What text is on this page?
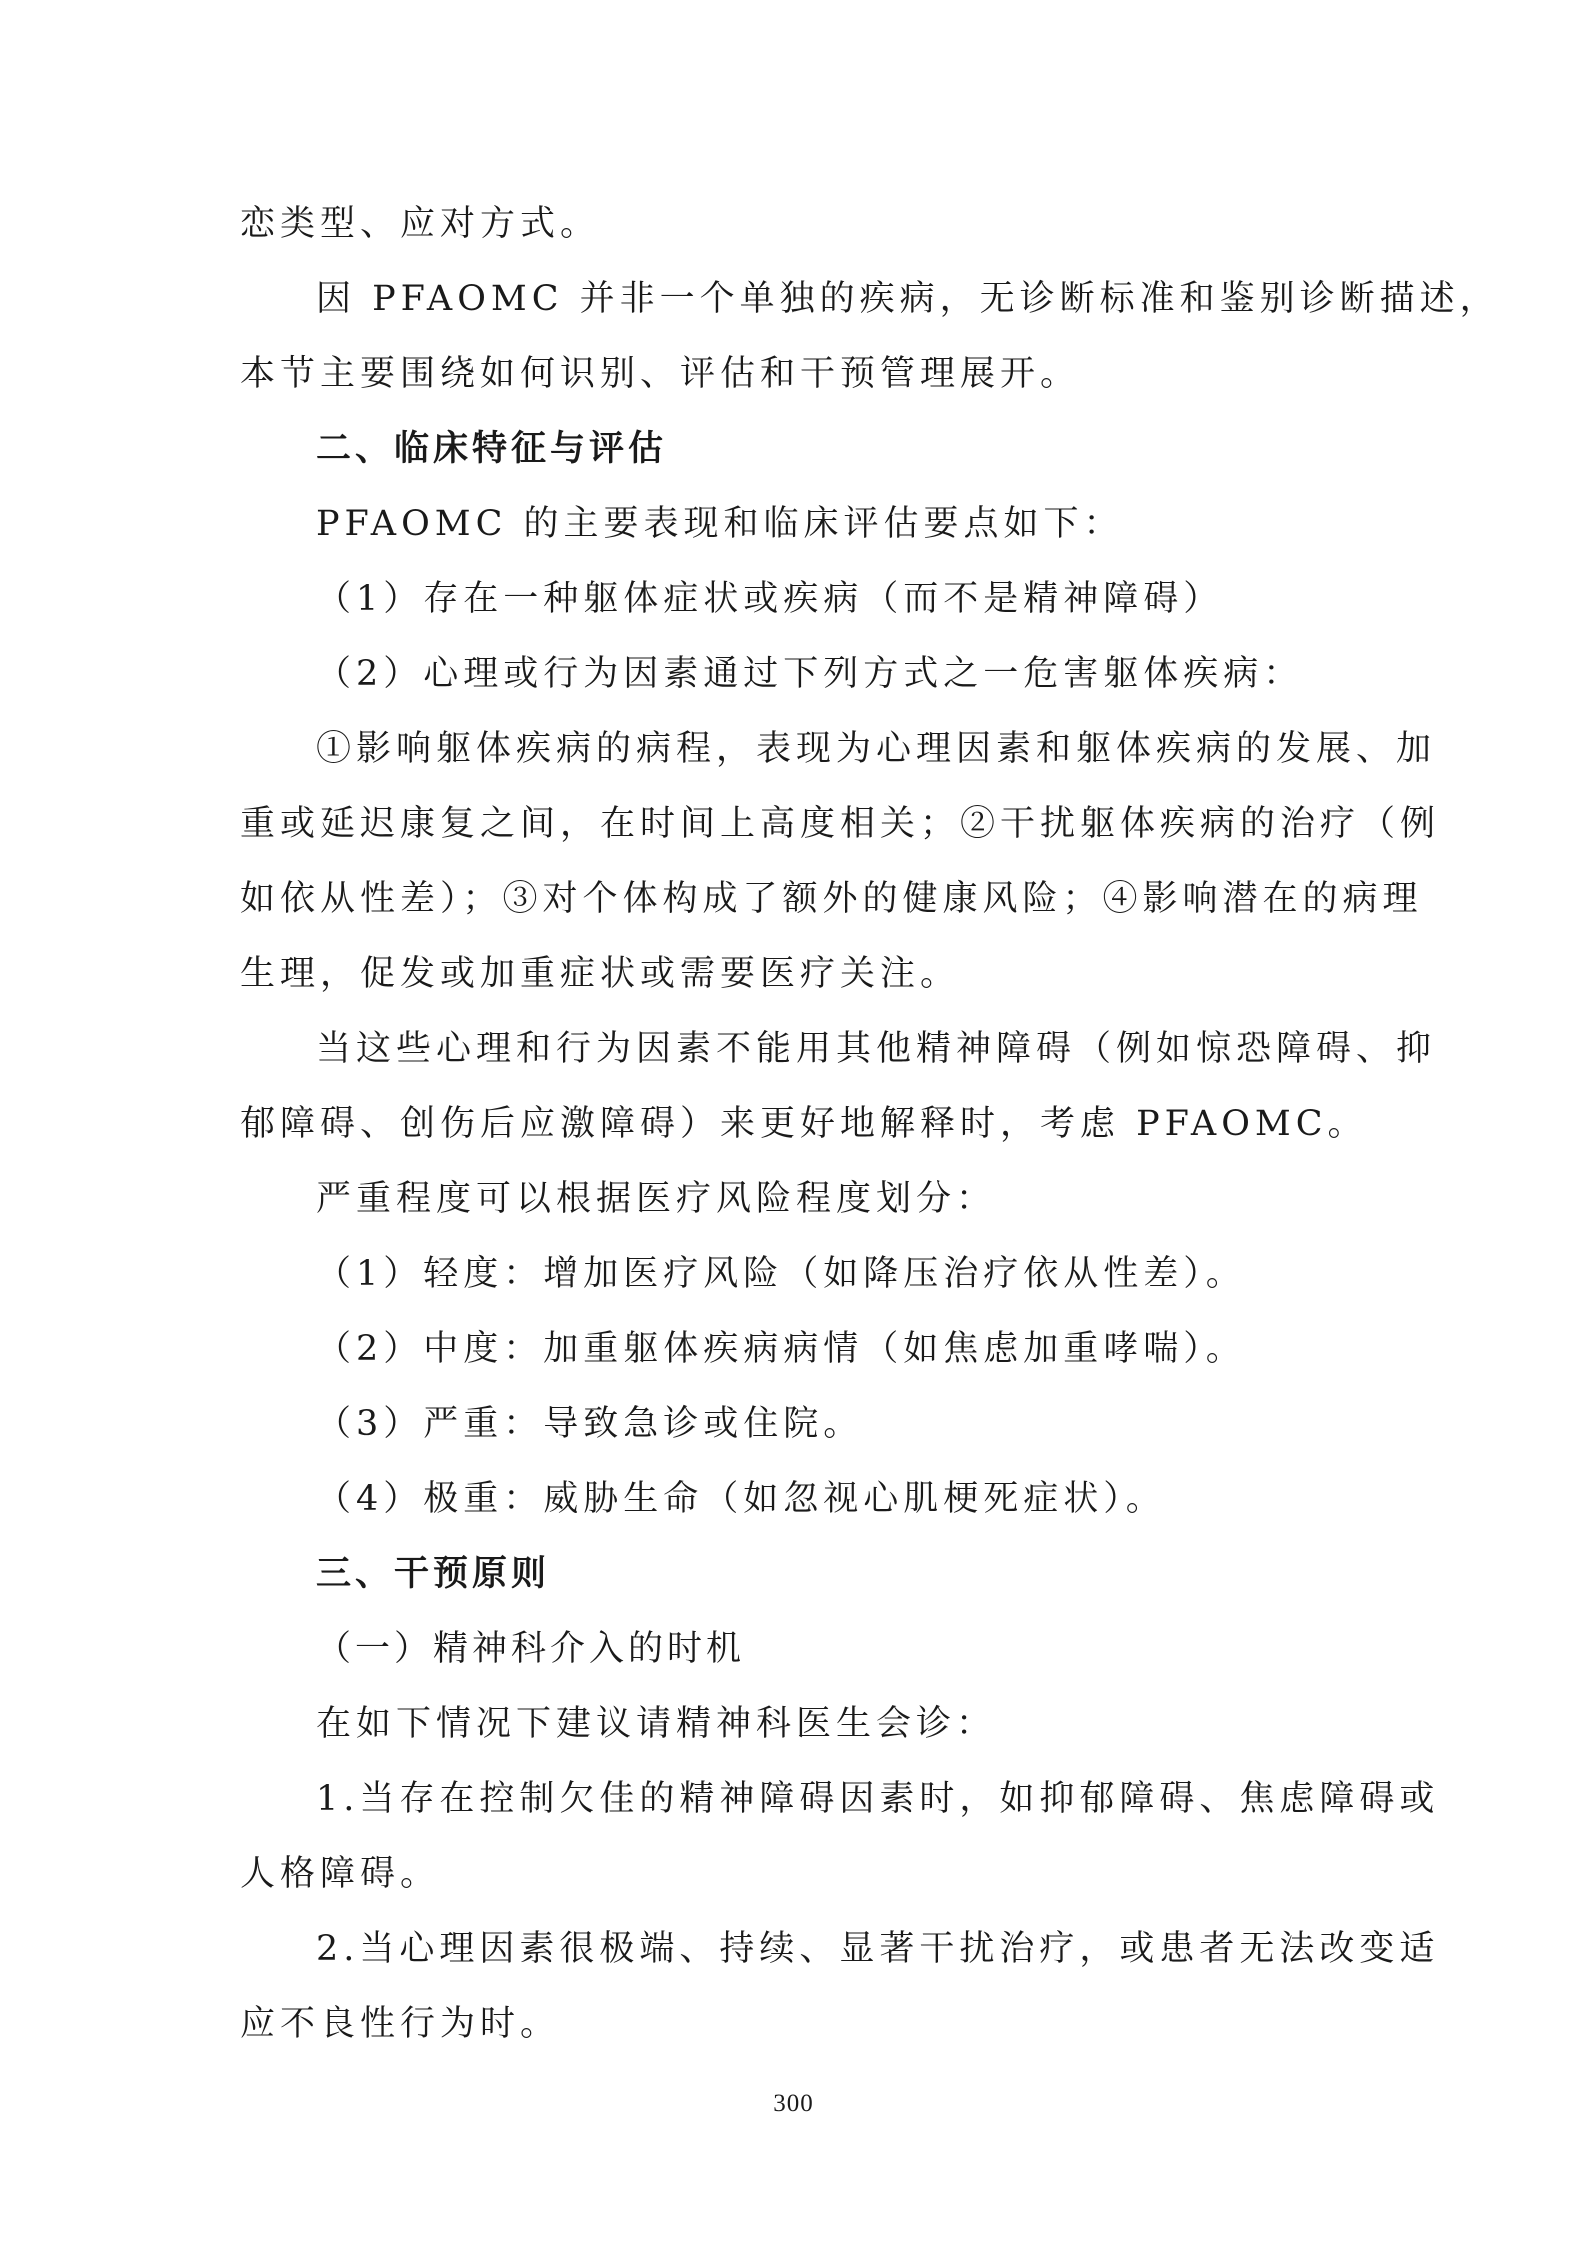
恋类型、应对方式。
因 PFAOMC 并非一个单独的疾病，无诊断标准和鉴别诊断描述，
本节主要围绕如何识别、评估和干预管理展开。
二、临床特征与评估
PFAOMC 的主要表现和临床评估要点如下：
（1）存在一种躯体症状或疾病（而不是精神障碍）
（2）心理或行为因素通过下列方式之一危害躯体疾病：
①影响躯体疾病的病程，表现为心理因素和躯体疾病的发展、加
重或延迟康复之间，在时间上高度相关；②干扰躯体疾病的治疗（例
如依从性差）；③对个体构成了额外的健康风险；④影响潜在的病理
生理，促发或加重症状或需要医疗关注。
当这些心理和行为因素不能用其他精神障碍（例如惊恐障碍、抑
郁障碍、创伤后应激障碍）来更好地解释时，考虑 PFAOMC。
严重程度可以根据医疗风险程度划分：
（1）轻度：增加医疗风险（如降压治疗依从性差）。
（2）中度：加重躯体疾病病情（如焦虑加重哮喘）。
（3）严重：导致急诊或住院。
（4）极重：威胁生命（如忽视心肌梗死症状）。
三、干预原则
（一）精神科介入的时机
在如下情况下建议请精神科医生会诊：
1.当存在控制欠佳的精神障碍因素时，如抑郁障碍、焦虑障碍或
人格障碍。
2.当心理因素很极端、持续、显著干扰治疗，或患者无法改变适
应不良性行为时。
300
